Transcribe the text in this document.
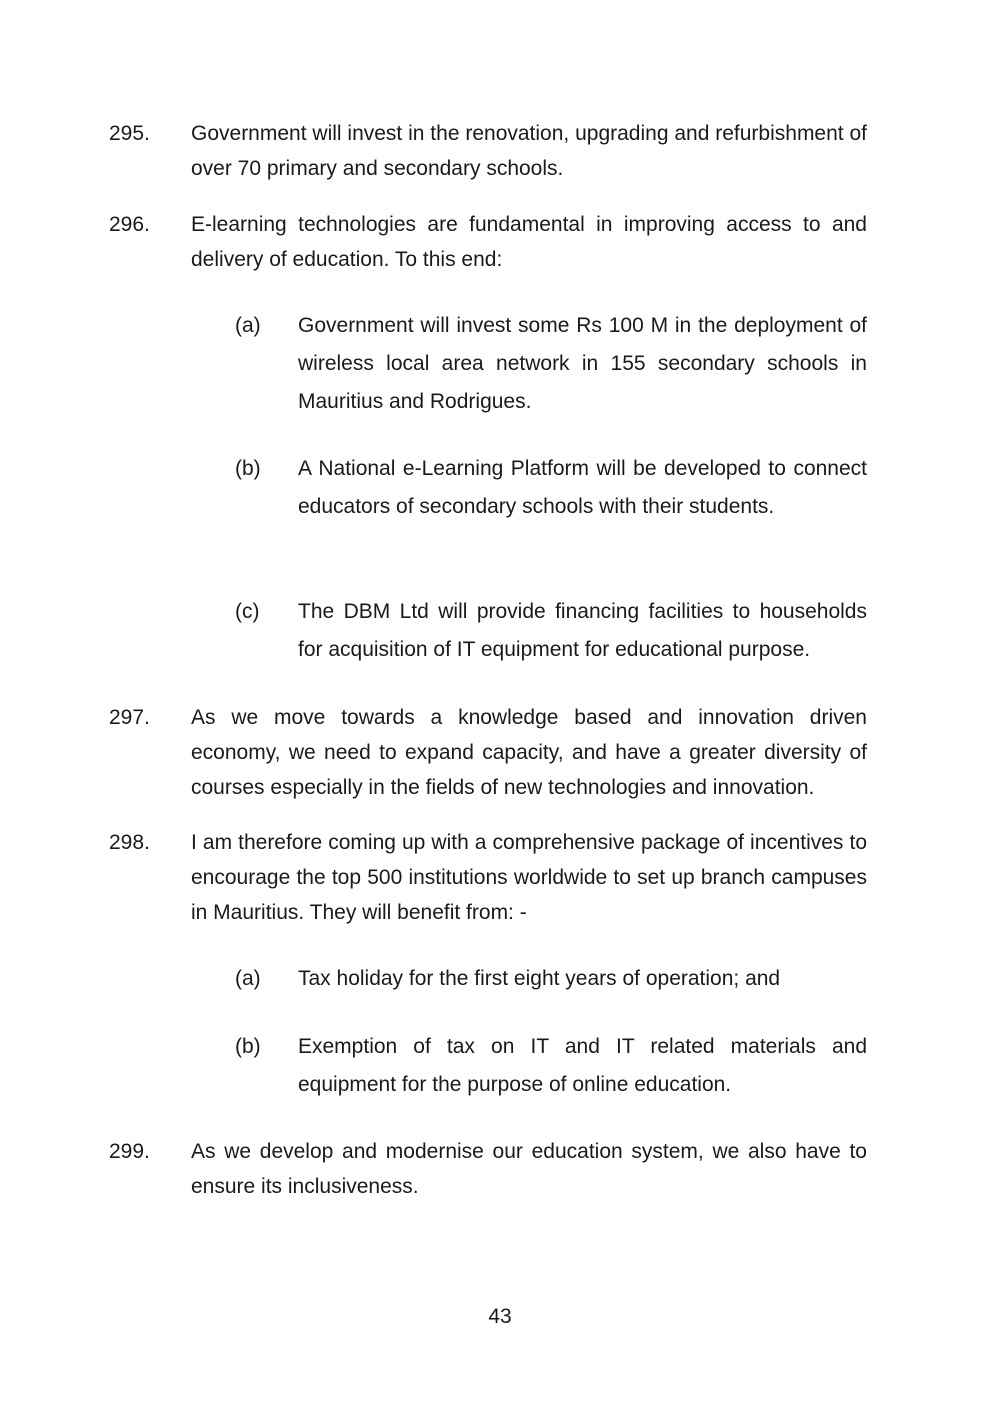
295. Government will invest in the renovation, upgrading and refurbishment of over 70 primary and secondary schools.
296. E-learning technologies are fundamental in improving access to and delivery of education. To this end:
(a) Government will invest some Rs 100 M in the deployment of wireless local area network in 155 secondary schools in Mauritius and Rodrigues.
(b) A National e-Learning Platform will be developed to connect educators of secondary schools with their students.
(c) The DBM Ltd will provide financing facilities to households for acquisition of IT equipment for educational purpose.
297. As we move towards a knowledge based and innovation driven economy, we need to expand capacity, and have a greater diversity of courses especially in the fields of new technologies and innovation.
298. I am therefore coming up with a comprehensive package of incentives to encourage the top 500 institutions worldwide to set up branch campuses in Mauritius. They will benefit from: -
(a) Tax holiday for the first eight years of operation; and
(b) Exemption of tax on IT and IT related materials and equipment for the purpose of online education.
299. As we develop and modernise our education system, we also have to ensure its inclusiveness.
43
